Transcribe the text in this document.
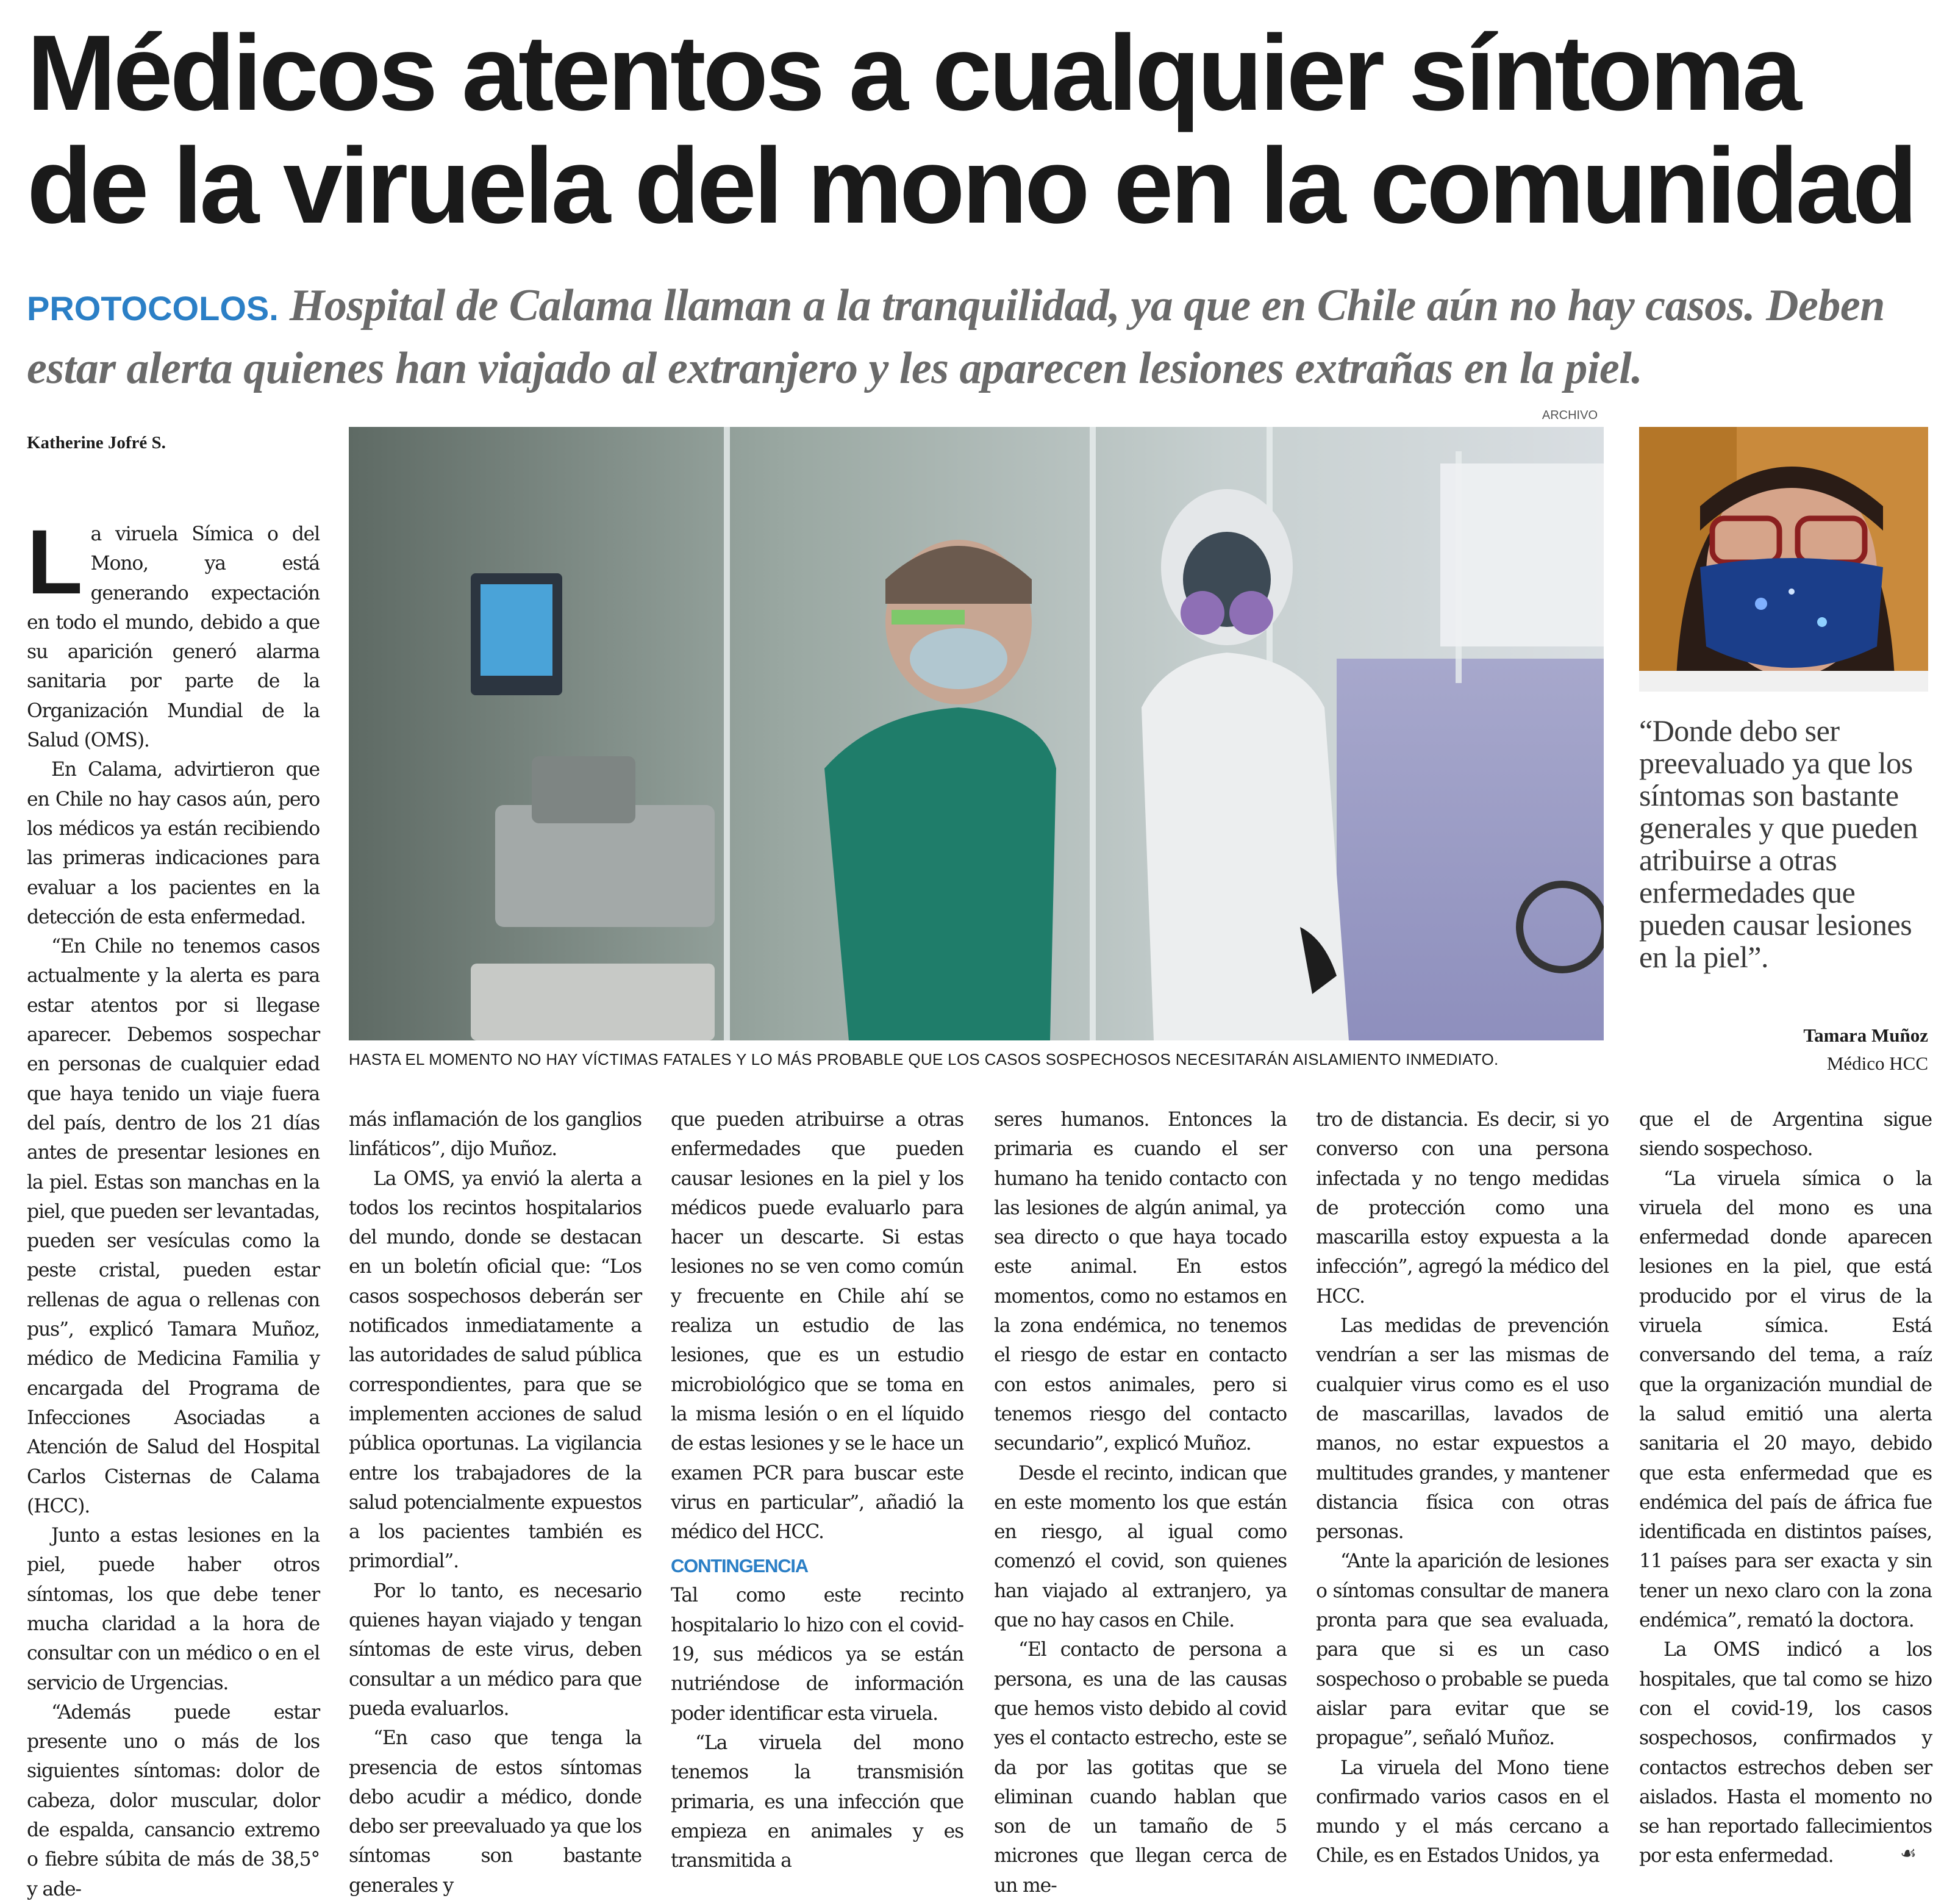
Médicos atentos a cualquier síntoma de la viruela del mono en la comunidad

PROTOCOLOS. Hospital de Calama llaman a la tranquilidad, ya que en Chile aún no hay casos. Deben estar alerta quienes han viajado al extranjero y les aparecen lesiones extrañas en la piel.

ARCHIVO
Katherine Jofré S.
HASTA EL MOMENTO NO HAY VÍCTIMAS FATALES Y LO MÁS PROBABLE QUE LOS CASOS SOSPECHOSOS NECESITARÁN AISLAMIENTO INMEDIATO.

“Donde debo ser preevaluado ya que los síntomas son bastante generales y que pueden atribuirse a otras enfermedades que pueden causar lesiones en la piel”.

Tamara Muñoz
Médico HCC

La viruela Símica o del Mono, ya está generando expectación en todo el mundo, debido a que su aparición generó alarma sanitaria por parte de la Organización Mundial de la Salud (OMS).

En Calama, advirtieron que en Chile no hay casos aún, pero los médicos ya están recibiendo las primeras indicaciones para evaluar a los pacientes en la detección de esta enfermedad.

“En Chile no tenemos casos actualmente y la alerta es para estar atentos por si llegase aparecer. Debemos sospechar en personas de cualquier edad que haya tenido un viaje fuera del país, dentro de los 21 días antes de presentar lesiones en la piel. Estas son manchas en la piel, que pueden ser levantadas, pueden ser vesículas como la peste cristal, pueden estar rellenas de agua o rellenas con pus”, explicó Tamara Muñoz, médico de Medicina Familia y encargada del Programa de Infecciones Asociadas a Atención de Salud del Hospital Carlos Cisternas de Calama (HCC).

Junto a estas lesiones en la piel, puede haber otros síntomas, los que debe tener mucha claridad a la hora de consultar con un médico o en el servicio de Urgencias.

“Además puede estar presente uno o más de los siguientes síntomas: dolor de cabeza, dolor muscular, dolor de espalda, cansancio extremo o fiebre súbita de más de 38,5° y ade-

más inflamación de los ganglios linfáticos”, dijo Muñoz.

La OMS, ya envió la alerta a todos los recintos hospitalarios del mundo, donde se destacan en un boletín oficial que: “Los casos sospechosos deberán ser notificados inmediatamente a las autoridades de salud pública correspondientes, para que se implementen acciones de salud pública oportunas. La vigilancia entre los trabajadores de la salud potencialmente expuestos a los pacientes también es primordial”.

Por lo tanto, es necesario quienes hayan viajado y tengan síntomas de este virus, deben consultar a un médico para que pueda evaluarlos.

“En caso que tenga la presencia de estos síntomas debo acudir a médico, donde debo ser preevaluado ya que los síntomas son bastante generales y

que pueden atribuirse a otras enfermedades que pueden causar lesiones en la piel y los médicos puede evaluarlo para hacer un descarte. Si estas lesiones no se ven como común y frecuente en Chile ahí se realiza un estudio de las lesiones, que es un estudio microbiológico que se toma en la misma lesión o en el líquido de estas lesiones y se le hace un examen PCR para buscar este virus en particular”, añadió la médico del HCC.

CONTINGENCIA

Tal como este recinto hospitalario lo hizo con el covid-19, sus médicos ya se están nutriéndose de información poder identificar esta viruela.

“La viruela del mono tenemos la transmisión primaria, es una infección que empieza en animales y es transmitida a

seres humanos. Entonces la primaria es cuando el ser humano ha tenido contacto con las lesiones de algún animal, ya sea directo o que haya tocado este animal. En estos momentos, como no estamos en la zona endémica, no tenemos el riesgo de estar en contacto con estos animales, pero si tenemos riesgo del contacto secundario”, explicó Muñoz.

Desde el recinto, indican que en este momento los que están en riesgo, al igual como comenzó el covid, son quienes han viajado al extranjero, ya que no hay casos en Chile.

“El contacto de persona a persona, es una de las causas que hemos visto debido al covid yes el contacto estrecho, este se da por las gotitas que se eliminan cuando hablan que son de un tamaño de 5 micrones que llegan cerca de un me-

tro de distancia. Es decir, si yo converso con una persona infectada y no tengo medidas de protección como una mascarilla estoy expuesta a la infección”, agregó la médico del HCC.

Las medidas de prevención vendrían a ser las mismas de cualquier virus como es el uso de mascarillas, lavados de manos, no estar expuestos a multitudes grandes, y mantener distancia física con otras personas.

“Ante la aparición de lesiones o síntomas consultar de manera pronta para que sea evaluada, para que si es un caso sospechoso o probable se pueda aislar para evitar que se propague”, señaló Muñoz.

La viruela del Mono tiene confirmado varios casos en el mundo y el más cercano a Chile, es en Estados Unidos, ya

que el de Argentina sigue siendo sospechoso.

“La viruela símica o la viruela del mono es una enfermedad donde aparecen lesiones en la piel, que está producido por el virus de la viruela símica. Está conversando del tema, a raíz que la organización mundial de la salud emitió una alerta sanitaria el 20 mayo, debido que esta enfermedad que es endémica del país de áfrica fue identificada en distintos países, 11 países para ser exacta y sin tener un nexo claro con la zona endémica”, remató la doctora.

La OMS indicó a los hospitales, que tal como se hizo con el covid-19, los casos sospechosos, confirmados y contactos estrechos deben ser aislados. Hasta el momento no se han reportado fallecimientos por esta enfermedad.	☙
